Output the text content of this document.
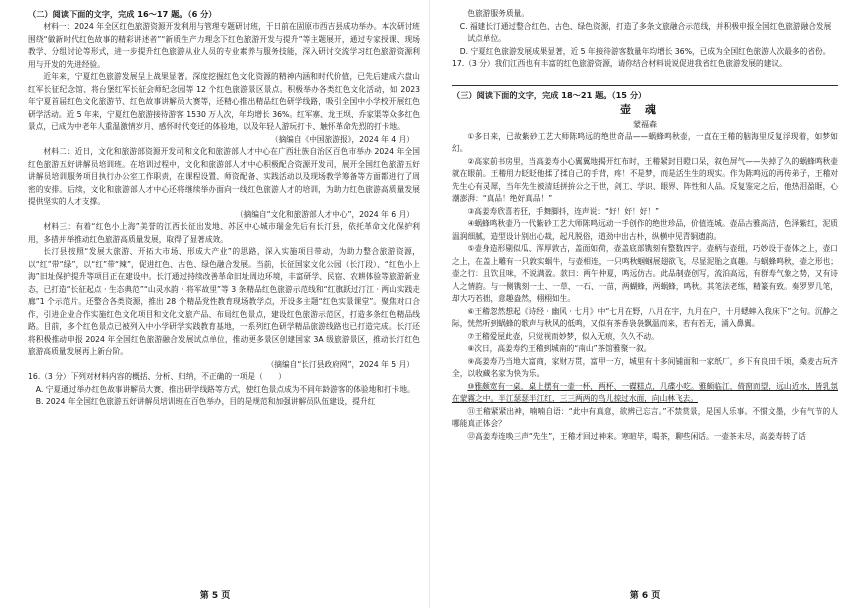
（二）阅读下面的文字，完成 16～17 题。（6 分）

材料一：2024 年全区红色旅游资源开发利用与管理专题研讨班，于日前在固原市西吉县成功举办。本次研讨班围绕“做新时代红色故事的精彩讲述者”“新质生产力理念下红色旅游开发与提升”等主题展开，通过专家授课、现场教学、分组讨论等形式，进一步提升红色旅游从业人员的专业素养与服务技能，深入研讨交流学习红色旅游资源利用与开发的先进经验。

近年来，宁夏红色旅游发展呈上战果显著。深度挖掘红色文化资源的精神内涵和时代价值，已先后建成六盘山红军长征纪念馆、将台堡红军长征会师纪念园等 12 个红色旅游景区景点。积极举办各类红色文化活动，如 2023 年宁夏首届红色文化旅游节、红色故事讲解员大赛等，还精心推出精品红色研学线路，吸引全国中小学校开展红色研学活动。近 5 年来，宁夏红色旅游接待游客 1530 万人次，年均增长 36%。红军寨、龙王坝、乔家渠等众多红色景点，已成为中老年人重温激情岁月、感怀时代变迁的体验地，以及年轻人游玩打卡、触怀革命先烈的打卡地。

（摘编自《中国旅游报》，2024 年 4 月）

材料二：近日，文化和旅游部资源开发司和文化和旅游部人才中心在广西壮族自治区百色市举办 2024 年全国红色旅游五好讲解员培训班。在培训过程中，文化和旅游部人才中心积极配合资源开发司，展开全国红色旅游五好讲解员培训服务项目执行办公室工作职责，在课程设置、师资配备、实践活动以及现场教学筹备等方面都进行了周密的安排。后续，文化和旅游部人才中心还将继续举办面向一线红色旅游人才的培训，为助力红色旅游高质量发展提供坚实的人才支撑。

（摘编自“文化和旅游部人才中心”，2024 年 6 月）

材料三：有着“红色小上海”美誉的江西长征出发地、苏区中心城市瑞金先后有长汀县，依托革命文化保护利用，多措并举推动红色旅游高质量发展，取得了显著成效。

长汀县按照“发展大旅游、开拓大市场、形成大产业”的思路，深入实施项目带动，为助力整合旅游资源，以“红”带“绿”，以“红”带“辣”，促进红色、古色、绿色融合发展。当前，长征国家文化公园（长汀段）、“红色小上海”旧址保护提升等项目正在建设中。长汀通过持续改善革命旧址周边环境，丰富研学、民宿、农耕体验等旅游新业态，已打造“长征起点 · 生态典范”“山灵水韵 · 将军故里”等 3 条精品红色旅游示范线和“红旗跃过汀江 · 两山实践走廊”1 个示范片。还整合各类资源，推出 28 个精品党性教育现场教学点，开设多主题“红色实景课堂”。聚焦对口合作，引进企业合作实施红色文化项目和文化文旅产品、布局红色景点，建设红色旅游示范区，打造多条红色精品线路。目前，多个红色景点已被列入中小学研学实践教育基地，一系列红色研学精品旅游线路也已打造完成。长汀还将积极推动申报 2024 年全国红色旅游融合发展试点单位，推动更多景区创建国家 3A 级旅游景区，推动长汀红色旅游高质量发展再上新台阶。

（摘编自“长汀县政府网”，2024 年 5 月）

16.（3 分）下列对材料内容的概括、分析、归纳，不正确的一项是（　　）

A. 宁夏通过举办红色故事讲解员大赛、推出研学线路等方式，使红色景点成为不同年龄游客的体验地和打卡地。

B. 2024 年全国红色旅游五好讲解员培训班在百色举办，目的是规范和加强讲解员队伍建设，提升红

第 5 页

色旅游服务质量。

C. 福建长汀通过整合红色、古色、绿色资源，打造了多条文旅融合示范线，并积极申报全国红色旅游融合发展试点单位。

D. 宁夏红色旅游发展成果显著，近 5 年接待游客数量年均增长 36%，已成为全国红色旅游人次最多的省份。

17.（3 分）我们江西也有丰富的红色旅游资源，请你结合材料说说促进我省红色旅游发展的建议。

（三）阅读下面的文字，完成 18～21 题。（15 分）

壶魂

蒙福森

①多日来，已故紫砂工艺大师陈鸣远的绝世奇品——蜗蜂鸣秋壶，一直在王稽的脑海里反复浮现着，如梦如幻。

②高家前书房里，当高姜寿小心翼翼地揭开红布时，王稽紧封目瞪口呆，叙色屏气——失掉了久的蜗蜂鸣秋壶就在眼前。王稽用力眨眨他揉了揉自己的手背，疼！不是梦，而是活生生的现实。作为陈鸣远的再传弟子，王稽对先生心有灵犀，当年先生被清廷拼拚公之于世，剑工、学识、眼界、阵性和人品。反复鉴定之后，他热泪盈眶，心潮澎湃：“真品！绝好真品！”

③高姜寿欣喜若狂，手舞脚抖，连声说：“好！好！好！”

④蜗蜂鸣秋壶乃一代紫砂工艺大师陈鸣远动一手创作的绝世珍品，价值连城。壶品古雅高洁，色泽紫红，泥质温润细腻，造型设计别出心裁，起凡脱俗，道劲中出古朴，纵横中见青铜遗韵。

⑤壶身造形剔似瓜、浑厚敦古，盖面如荷，壶盖底部镌刻有整数四字。壶柄与壶纽，巧妙设于壶体之上，壶口之上，在盖上雕有一只敦实蜗牛，与壶相连，一只鸣秋蝈蝈展翅欲飞，尽显泥胎之真趣。与蜗蜂鸣秋，壶之形也；壶之行：且饮且味，不说满盈。款曰：两午仲夏，鸣远仿古。此品制壶创写，流泊高远，有群寿气象之势，又有诗人之情韵。与一侧镌刻一土、一草、一石、一苗，两蝴蜂，两蜗蜂，鸣秋。其笔法老练，精篆有致。奏罗罗几笔，却大巧若拙，意趣盎然，栩栩如生。

⑥王稽忽然想起《诗经 · 幽风 · 七月》中“七月在野，八月在宇，九月在户，十月蟋蟀入我床下”之句。沉静之际，恍然听到蜗蜂的歌声与秋风的低鸣，又似有茶香袅袅飘温而来，若有若无，涌入鼻翼。

⑦王稽爱屋此壶，只觉视而妙梦，似入无痕，久久不动。

⑧次日，高姜寿约王稽到城南的“南山”茶馆雅聚一叙。

⑨高姜寿乃当地大富商，家财万贯，富甲一方，城里有十多间铺面和一家纸厂，乡下有良田千顷，桑麦古玩齐全，以收藏名家为快为乐。

⑩雅颇宽有一桌，桌上摆有一壶一杯，两杯、一碟糕点，几碟小吃。雅颇临江，倚窗而望，远山近水，皆乳氛在蒙霧之中。半江瑟瑟半江红，三三两两的鸟儿掠过水面，向山林飞去。

⑪王稽紧紧出神，喃喃自语：“此中有真意，欲辨已忘言。”不禁赏景，是国人乐事。不惯文墨，少有气节的人哪能真正体会？

⑫高姜寿连唤三声“先生”，王稽才回过神来。寒暄毕，喝茶，聊些闲话。一壶茶未尽，高姜寿转了话

第 6 页
